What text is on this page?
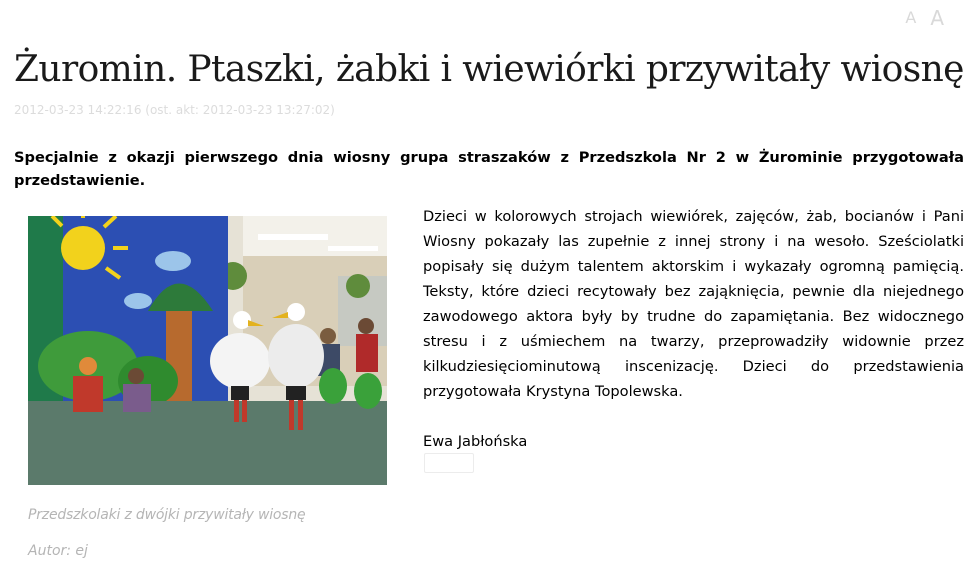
A A
Żuromin. Ptaszki, żabki i wiewiórki przywitały wiosnę
2012-03-23 14:22:16 (ost. akt: 2012-03-23 13:27:02)

Specjalnie z okazji pierwszego dnia wiosny grupa straszaków z Przedszkola Nr 2 w Żurominie przygotowała przedstawienie.

Przedszkolaki z dwójki przywitały wiosnę
Autor: ej

Dzieci w kolorowych strojach wiewiórek, zajęców, żab, bocianów i Pani Wiosny pokazały las zupełnie z innej strony i na wesoło. Sześciolatki popisały się dużym talentem aktorskim i wykazały ogromną pamięcią. Teksty, które dzieci recytowały bez zająknięcia, pewnie dla niejednego zawodowego aktora były by trudne do zapamiętania. Bez widocznego stresu i z uśmiechem na twarzy, przeprowadziły widownie przez kilkudziesięciominutową inscenizację. Dzieci do przedstawienia przygotowała Krystyna Topolewska.

Ewa Jabłońska
